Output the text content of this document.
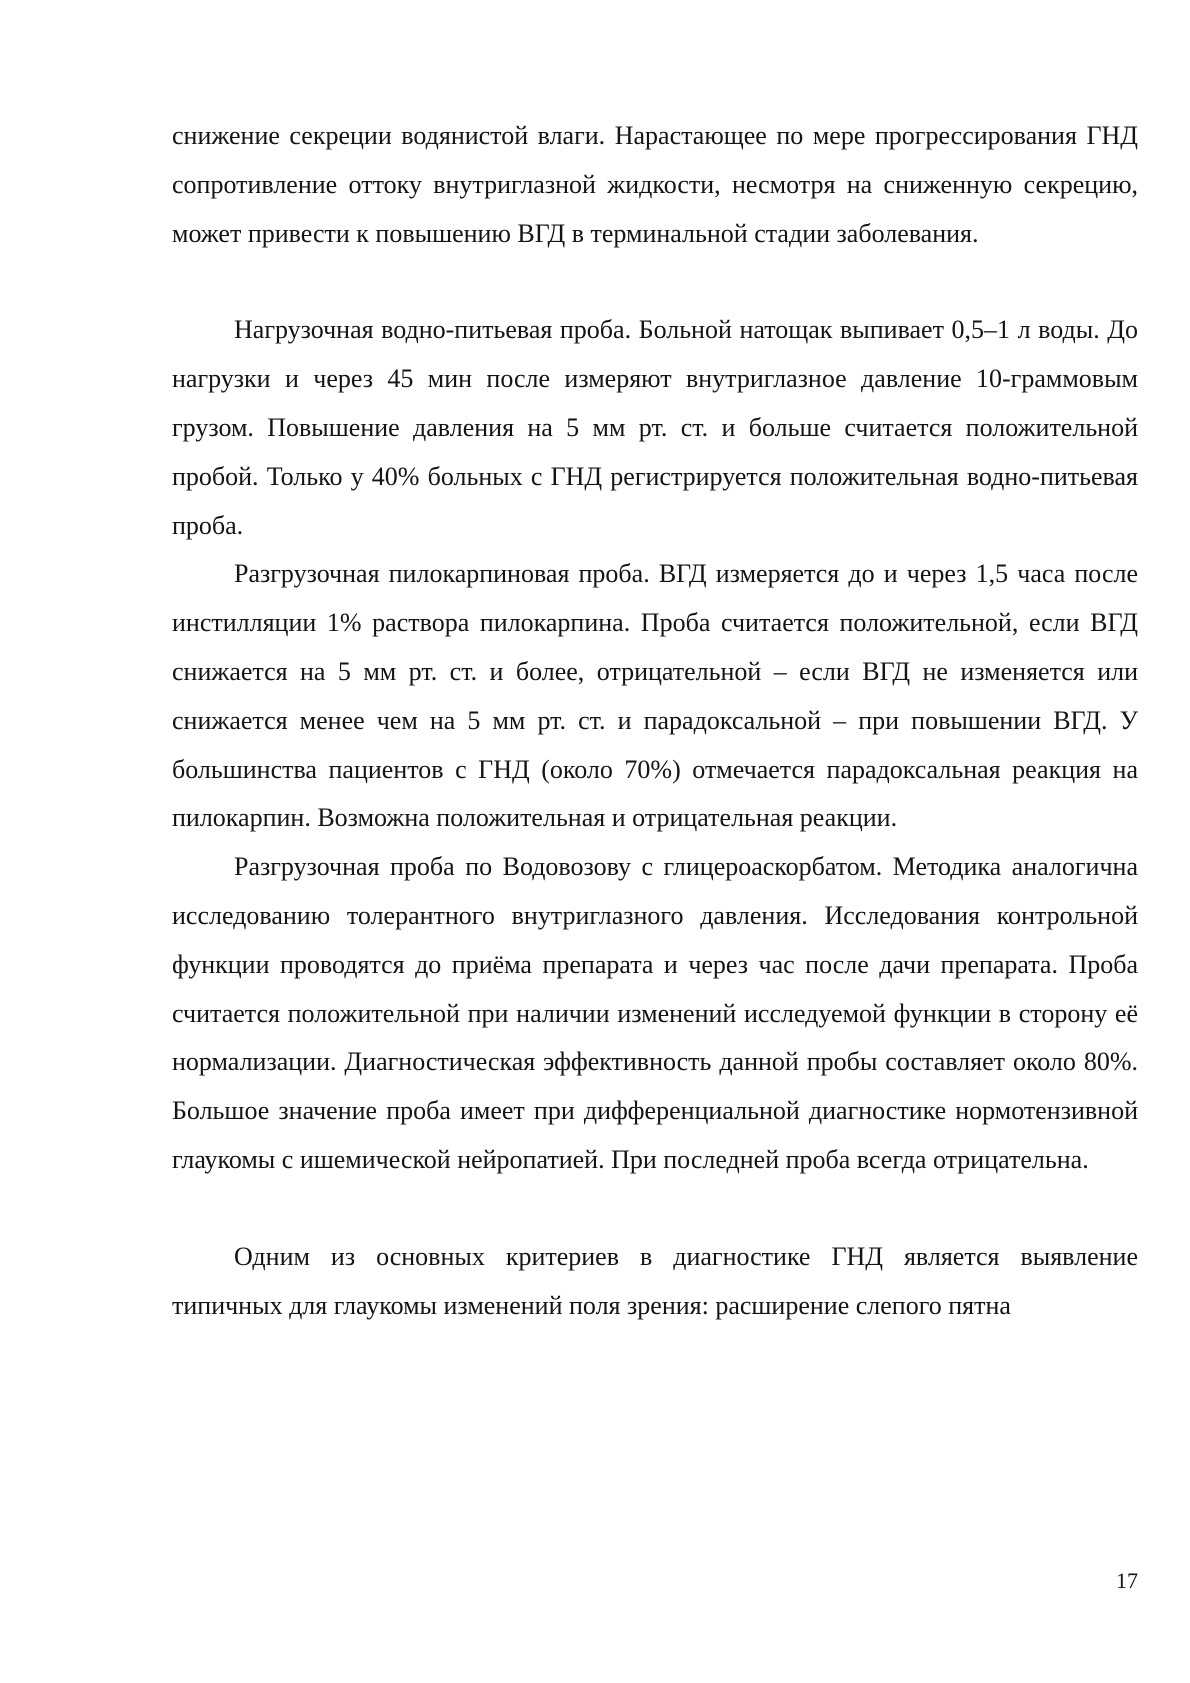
снижение секреции водянистой влаги. Нарастающее по мере прогрессирования ГНД сопротивление оттоку внутриглазной жидкости, несмотря на сниженную секрецию, может привести к повышению ВГД в терминальной стадии заболевания.

Нагрузочная водно-питьевая проба. Больной натощак выпивает 0,5–1 л воды. До нагрузки и через 45 мин после измеряют внутриглазное давление 10-граммовым грузом. Повышение давления на 5 мм рт. ст. и больше считается положительной пробой. Только у 40% больных с ГНД регистрируется положительная водно-питьевая проба.

Разгрузочная пилокарпиновая проба. ВГД измеряется до и через 1,5 часа после инстилляции 1% раствора пилокарпина. Проба считается положительной, если ВГД снижается на 5 мм рт. ст. и более, отрицательной – если ВГД не изменяется или снижается менее чем на 5 мм рт. ст. и парадоксальной – при повышении ВГД. У большинства пациентов с ГНД (около 70%) отмечается парадоксальная реакция на пилокарпин. Возможна положительная и отрицательная реакции.

Разгрузочная проба по Водовозову с глицероаскорбатом. Методика аналогична исследованию толерантного внутриглазного давления. Исследования контрольной функции проводятся до приёма препарата и через час после дачи препарата. Проба считается положительной при наличии изменений исследуемой функции в сторону её нормализации. Диагностическая эффективность данной пробы составляет около 80%. Большое значение проба имеет при дифференциальной диагностике нормотензивной глаукомы с ишемической нейропатией. При последней проба всегда отрицательна.

Одним из основных критериев в диагностике ГНД является выявление типичных для глаукомы изменений поля зрения: расширение слепого пятна

17
